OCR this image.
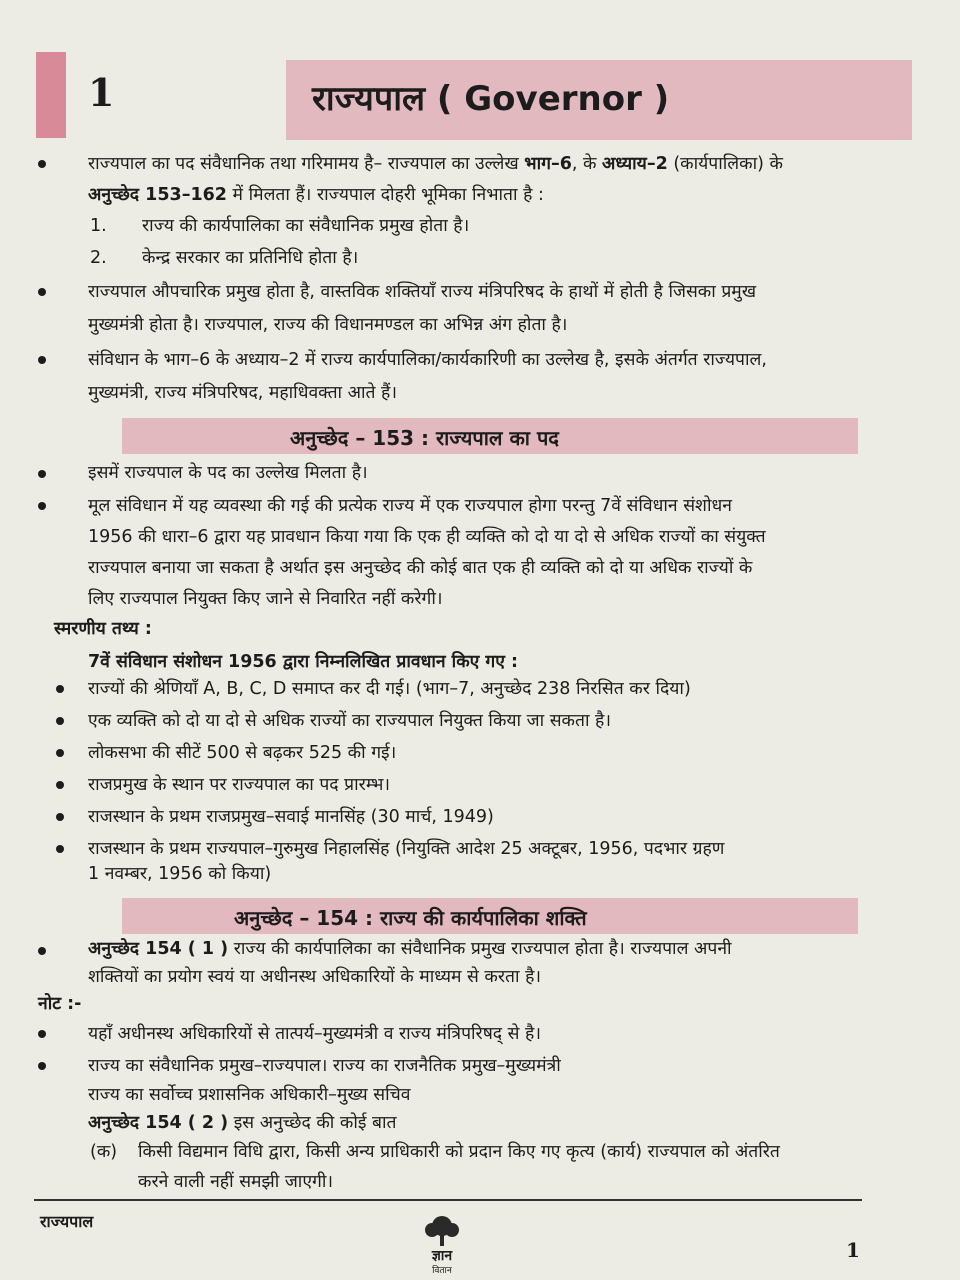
1	राज्यपाल ( Governor )
राज्यपाल का पद संवैधानिक तथा गरिमामय है– राज्यपाल का उल्लेख भाग–6, के अध्याय–2 (कार्यपालिका) के
अनुच्छेद 153–162 में मिलता हैं। राज्यपाल दोहरी भूमिका निभाता है :
1. राज्य की कार्यपालिका का संवैधानिक प्रमुख होता है।
2. केन्द्र सरकार का प्रतिनिधि होता है।
राज्यपाल औपचारिक प्रमुख होता है, वास्तविक शक्तियाँ राज्य मंत्रिपरिषद के हाथों में होती है जिसका प्रमुख
मुख्यमंत्री होता है। राज्यपाल, राज्य की विधानमण्डल का अभिन्न अंग होता है।
संविधान के भाग–6 के अध्याय–2 में राज्य कार्यपालिका/कार्यकारिणी का उल्लेख है, इसके अंतर्गत राज्यपाल,
मुख्यमंत्री, राज्य मंत्रिपरिषद, महाधिवक्ता आते हैं।
अनुच्छेद – 153 : राज्यपाल का पद
इसमें राज्यपाल के पद का उल्लेख मिलता है।
मूल संविधान में यह व्यवस्था की गई की प्रत्येक राज्य में एक राज्यपाल होगा परन्तु 7वें संविधान संशोधन
1956 की धारा–6 द्वारा यह प्रावधान किया गया कि एक ही व्यक्ति को दो या दो से अधिक राज्यों का संयुक्त
राज्यपाल बनाया जा सकता है अर्थात इस अनुच्छेद की कोई बात एक ही व्यक्ति को दो या अधिक राज्यों के
लिए राज्यपाल नियुक्त किए जाने से निवारित नहीं करेगी।
स्मरणीय तथ्य :
7वें संविधान संशोधन 1956 द्वारा निम्नलिखित प्रावधान किए गए :
राज्यों की श्रेणियाँ A, B, C, D समाप्त कर दी गई। (भाग–7, अनुच्छेद 238 निरसित कर दिया)
एक व्यक्ति को दो या दो से अधिक राज्यों का राज्यपाल नियुक्त किया जा सकता है।
लोकसभा की सीटें 500 से बढ़कर 525 की गई।
राजप्रमुख के स्थान पर राज्यपाल का पद प्रारम्भ।
राजस्थान के प्रथम राजप्रमुख–सवाई मानसिंह (30 मार्च, 1949)
राजस्थान के प्रथम राज्यपाल–गुरुमुख निहालसिंह (नियुक्ति आदेश 25 अक्टूबर, 1956, पदभार ग्रहण
1 नवम्बर, 1956 को किया)
अनुच्छेद – 154 : राज्य की कार्यपालिका शक्ति
अनुच्छेद 154 ( 1 ) राज्य की कार्यपालिका का संवैधानिक प्रमुख राज्यपाल होता है। राज्यपाल अपनी
शक्तियों का प्रयोग स्वयं या अधीनस्थ अधिकारियों के माध्यम से करता है।
नोट :-
यहाँ अधीनस्थ अधिकारियों से तात्पर्य–मुख्यमंत्री व राज्य मंत्रिपरिषद् से है।
राज्य का संवैधानिक प्रमुख–राज्यपाल। राज्य का राजनैतिक प्रमुख–मुख्यमंत्री
राज्य का सर्वोच्च प्रशासनिक अधिकारी–मुख्य सचिव
अनुच्छेद 154 ( 2 ) इस अनुच्छेद की कोई बात
(क) किसी विद्यमान विधि द्वारा, किसी अन्य प्राधिकारी को प्रदान किए गए कृत्य (कार्य) राज्यपाल को अंतरित
करने वाली नहीं समझी जाएगी।
राज्यपाल
ज्ञान
वितान
1
